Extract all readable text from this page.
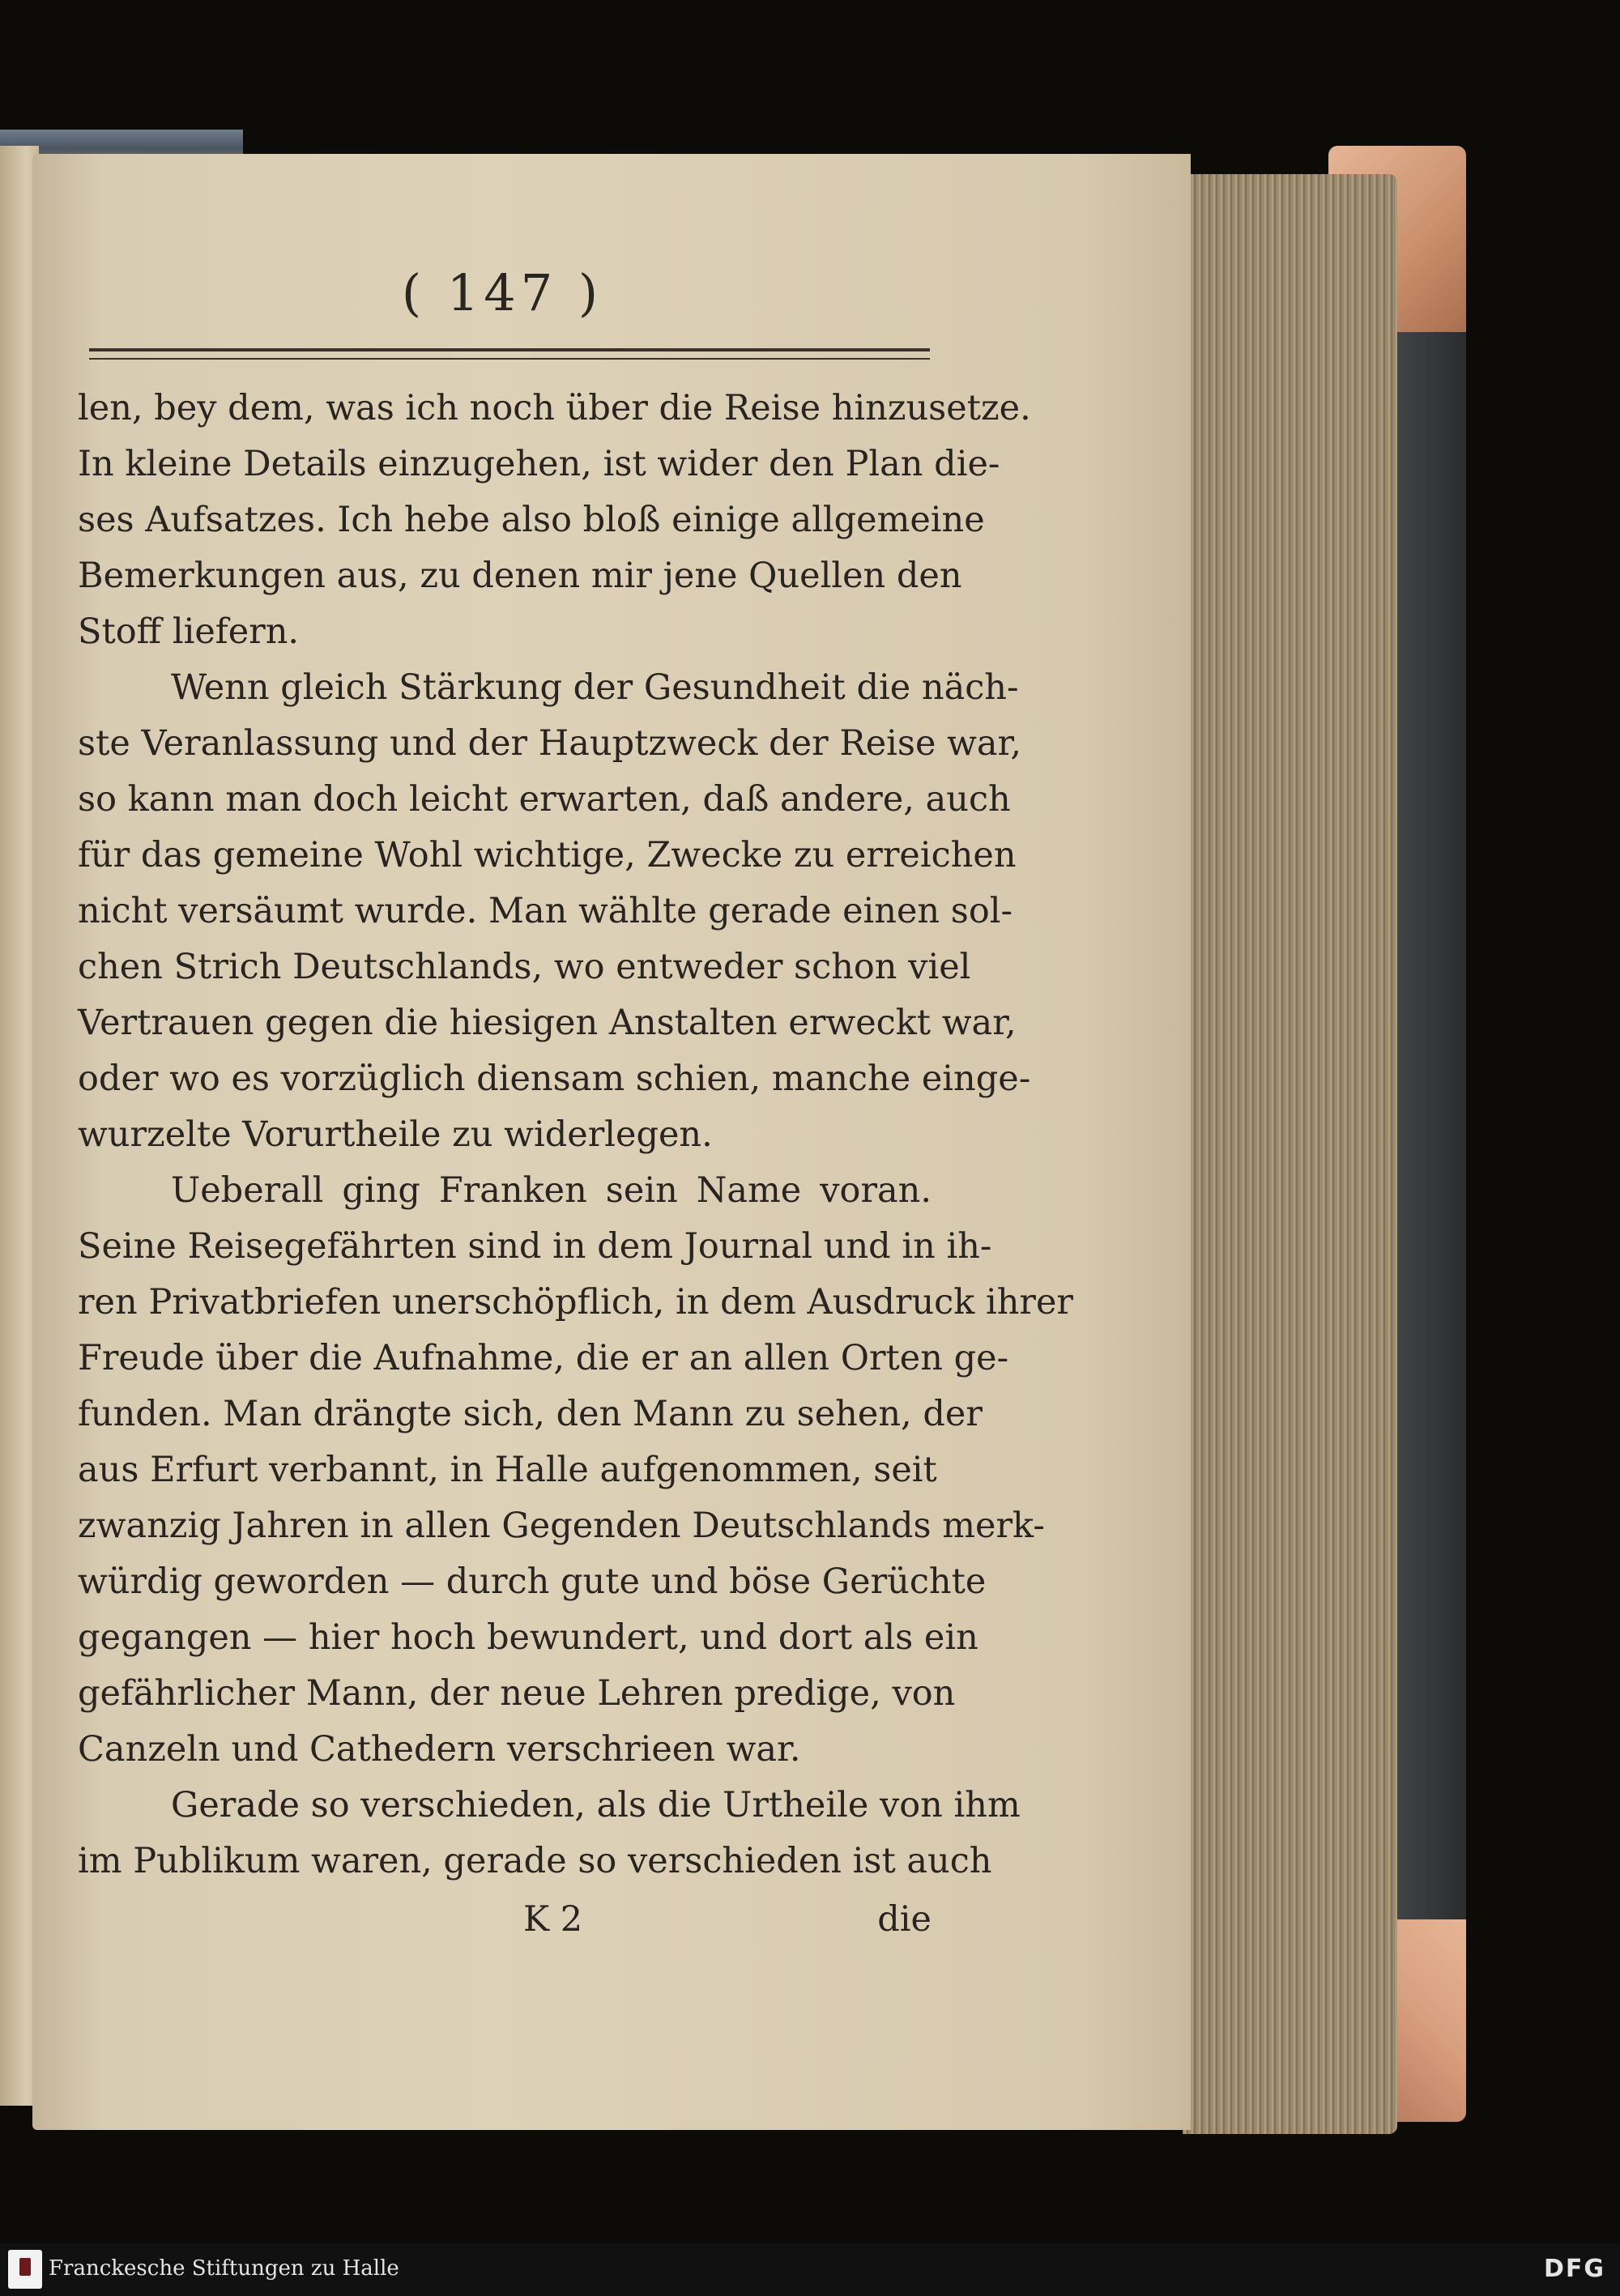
( 147 )
len, bey dem, was ich noch über die Reise hinzusetze.
In kleine Details einzugehen, ist wider den Plan die-
ses Aufsatzes. Ich hebe also bloß einige allgemeine
Bemerkungen aus, zu denen mir jene Quellen den
Stoff liefern.
Wenn gleich Stärkung der Gesundheit die näch-
ste Veranlassung und der Hauptzweck der Reise war,
so kann man doch leicht erwarten, daß andere, auch
für das gemeine Wohl wichtige, Zwecke zu erreichen
nicht versäumt wurde. Man wählte gerade einen sol-
chen Strich Deutschlands, wo entweder schon viel
Vertrauen gegen die hiesigen Anstalten erweckt war,
oder wo es vorzüglich diensam schien, manche einge-
wurzelte Vorurtheile zu widerlegen.
Ueberall ging Franken sein Name voran.
Seine Reisegefährten sind in dem Journal und in ih-
ren Privatbriefen unerschöpflich, in dem Ausdruck ihrer
Freude über die Aufnahme, die er an allen Orten ge-
funden. Man drängte sich, den Mann zu sehen, der
aus Erfurt verbannt, in Halle aufgenommen, seit
zwanzig Jahren in allen Gegenden Deutschlands merk-
würdig geworden — durch gute und böse Gerüchte
gegangen — hier hoch bewundert, und dort als ein
gefährlicher Mann, der neue Lehren predige, von
Canzeln und Cathedern verschrieen war.
Gerade so verschieden, als die Urtheile von ihm
im Publikum waren, gerade so verschieden ist auch
K 2	die
Franckesche Stiftungen zu Halle	DFG
